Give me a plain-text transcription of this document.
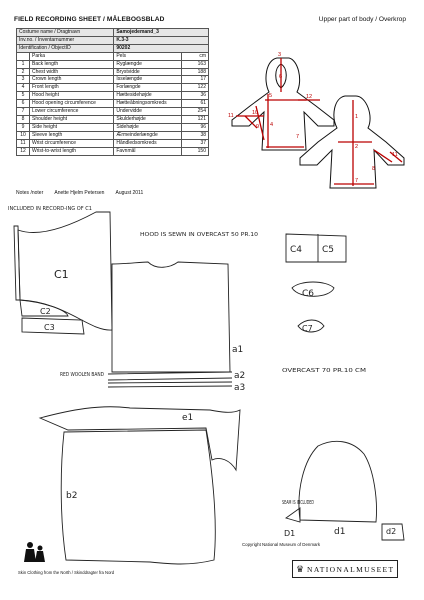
FIELD RECORDING SHEET / MÅLEBOGSBLAD	Upper part of body / Overkrop
Costume name / Dragtnavn		Samojedemand_3	
Inv.no. / Inventarnummer		K.3-3	
Identification / ObjectID		90202	
	Parka	Pels	cm
1	Back length	Ryglængde	163
2	Chest width	Brystvidde	188
3	Crown length	Isselængde	17
4	Front length	Forlængde	122
5	Hood height	Hættesidehøjde	36
6	Hood opening circumference	Hætteåbningsomkreds	61
7	Lower circumference	Undervidde	254
8	Shoulder height	Skulderhøjde	121
9	Side height	Sidehøjde	96
10	Sleeve length	Ærmeinderlængde	38
11	Wrist circumference	Håndledsomkreds	37
12	Wrist-to-wrist length	Favnmål	150
Notes /noter Anette Hjelm Petersen August 2011
3
6
5
4
10
11
9
12
7
1
2
8
11
7
C1
C2
C3
C4 C5
C6
C7
a1
a2
a3
e1
b2
D1	d1	d2
INCLUDED IN RECORD-ING OF C1
HOOD IS SEWN IN OVERCAST 50 PR.10
RED WOOLEN BAND
OVERCAST 70 PR.10 CM
SEAM IS INCLUDED
Copyright National Museum of Denmark
Skin Clothing from the North / Skinddragter fra Nord	♛ NATIONALMUSEET
